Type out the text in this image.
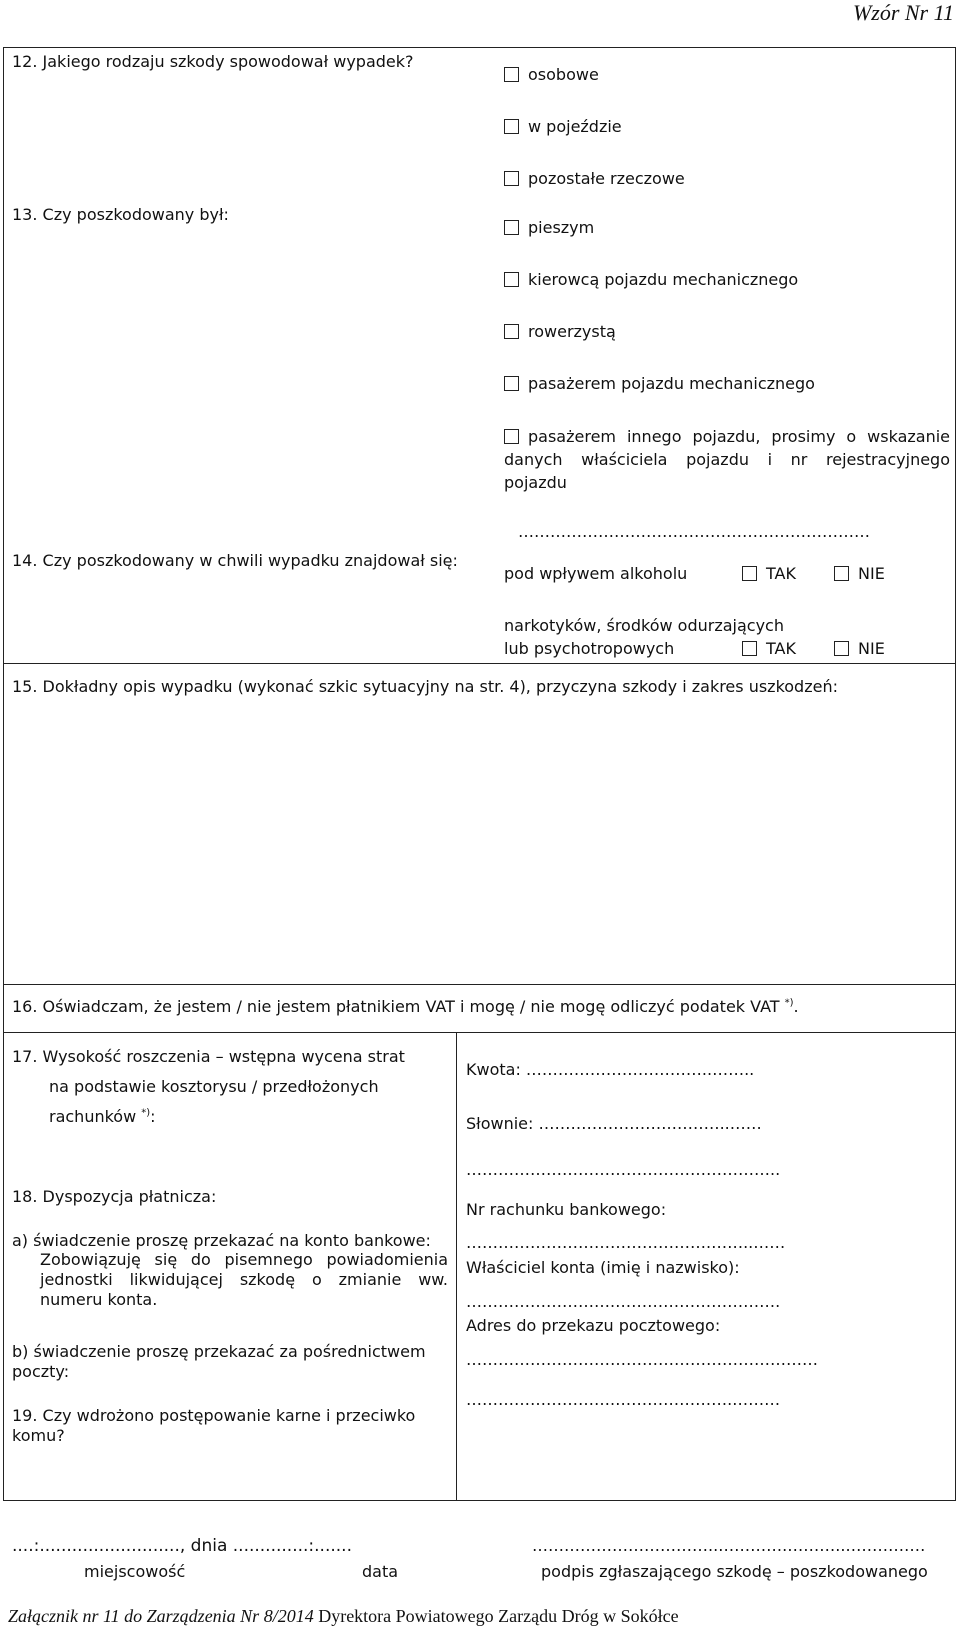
Wzór Nr 11
12. Jakiego rodzaju szkody spowodował wypadek?
osobowe
w pojeździe
pozostałe rzeczowe
13. Czy poszkodowany był:
pieszym
kierowcą pojazdu mechanicznego
rowerzystą
pasażerem pojazdu mechanicznego
pasażerem innego pojazdu, prosimy o wskazanie danych właściciela pojazdu i nr rejestracyjnego pojazdu
…………………………………………………………
14. Czy poszkodowany w chwili wypadku znajdował się:
pod wpływem alkoholu	TAK	NIE
narkotyków, środków odurzających
lub psychotropowych	TAK	NIE
15. Dokładny opis wypadku (wykonać szkic sytuacyjny na str. 4), przyczyna szkody i zakres uszkodzeń:
16. Oświadczam, że jestem / nie jestem płatnikiem VAT i mogę / nie mogę odliczyć podatek VAT *).
17. Wysokość roszczenia – wstępna wycena strat
na podstawie kosztorysu / przedłożonych
rachunków *):
Kwota: ……………………………..……..
Słownie: …………………….………..……
…………………………………………………..
18. Dyspozycja płatnicza:
a) świadczenie proszę przekazać na konto bankowe:
Zobowiązuję się do pisemnego powiadomienia jednostki likwidującej szkodę o zmianie ww. numeru konta.
b) świadczenie proszę przekazać za pośrednictwem poczty:
Nr rachunku bankowego:
……………………………………….……..……
Właściciel konta (imię i nazwisko):
……………………….………………………….
Adres do przekazu pocztowego:
…………………………………………………………
……………………….………………….………
19. Czy wdrożono postępowanie karne i przeciwko komu?
....:.........................., dnia ..............:.......
miejscowość	data
……………………………..………….………..……………
podpis zgłaszającego szkodę – poszkodowanego
Załącznik nr 11 do Zarządzenia Nr 8/2014 Dyrektora Powiatowego Zarządu Dróg w Sokółce
